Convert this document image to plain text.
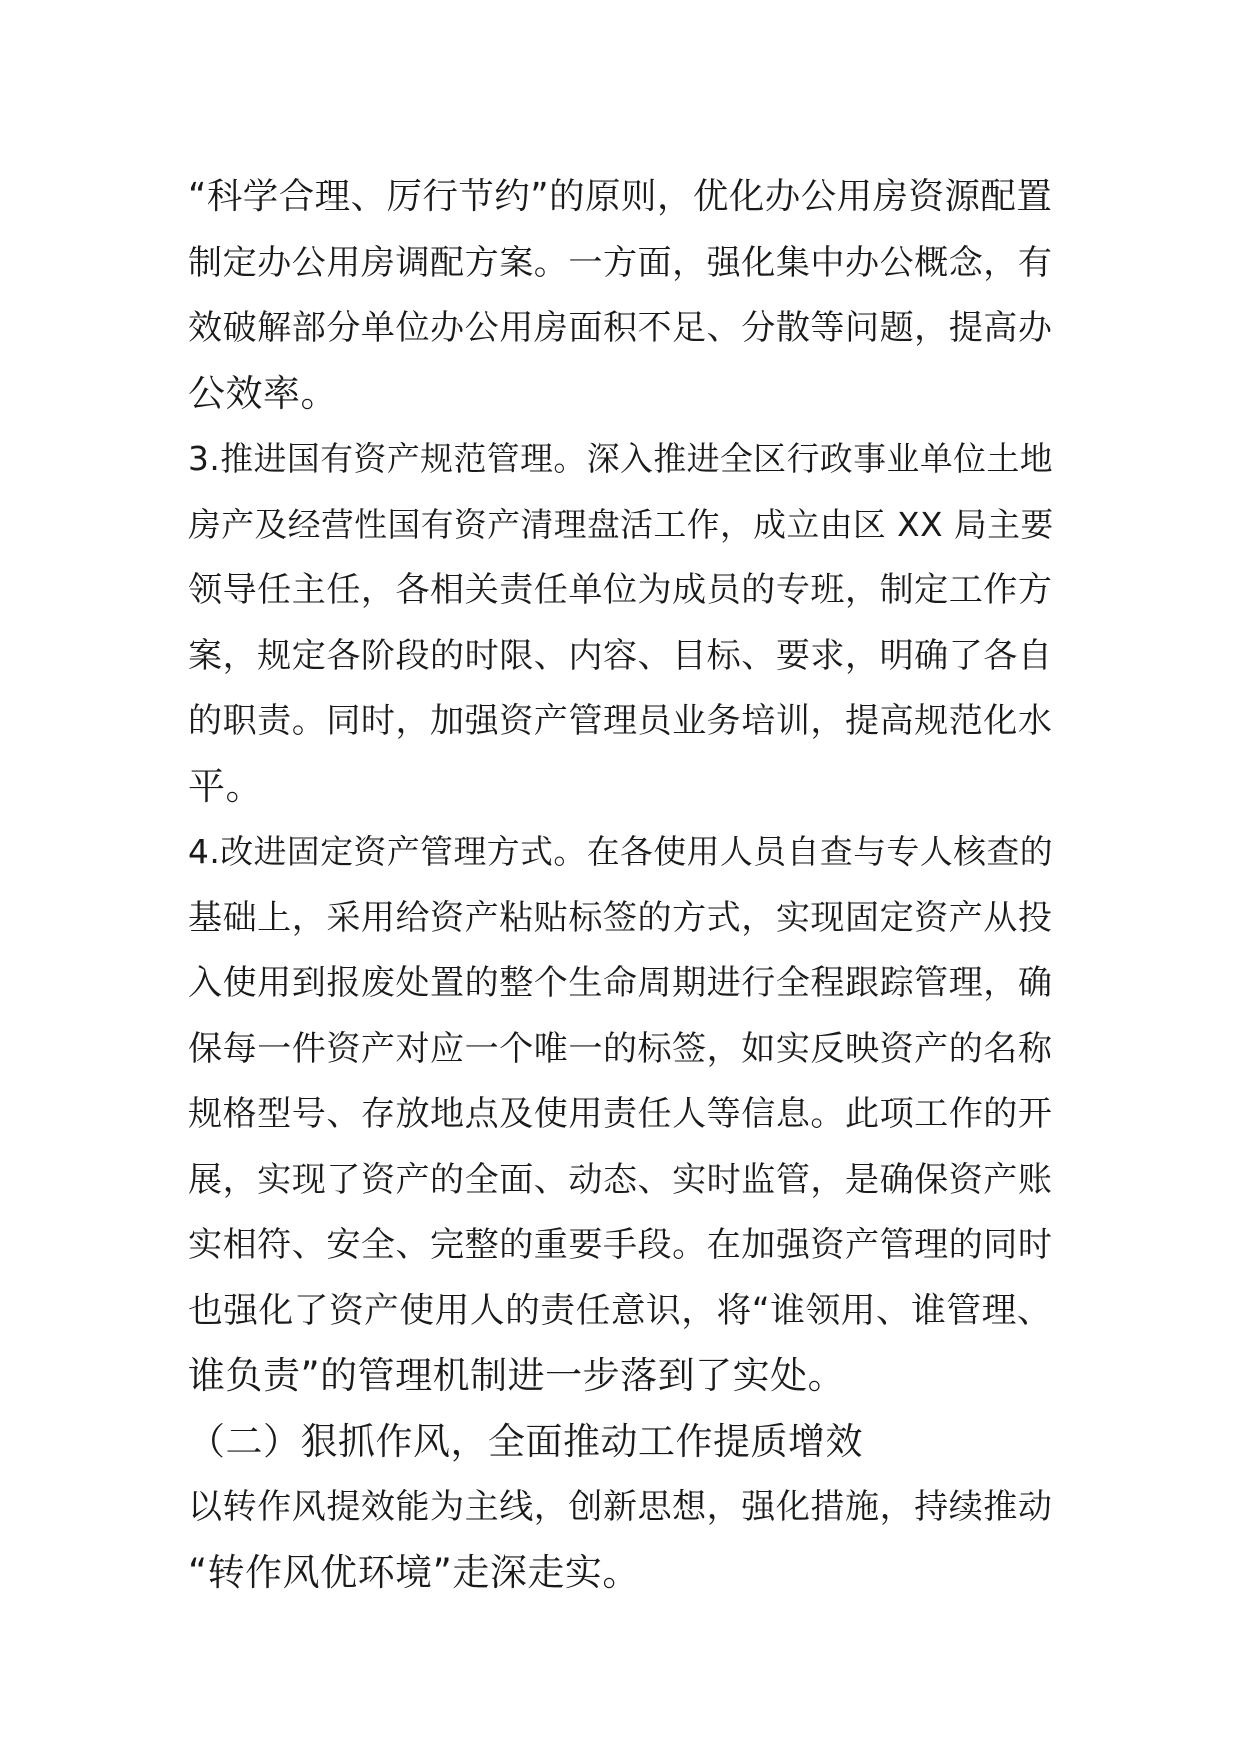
“科学合理、厉行节约”的原则，优化办公用房资源配置
制定办公用房调配方案。一方面，强化集中办公概念，有
效破解部分单位办公用房面积不足、分散等问题，提高办
公效率。
3.推进国有资产规范管理。深入推进全区行政事业单位土地
房产及经营性国有资产清理盘活工作，成立由区 XX 局主要
领导任主任，各相关责任单位为成员的专班，制定工作方
案，规定各阶段的时限、内容、目标、要求，明确了各自
的职责。同时，加强资产管理员业务培训，提高规范化水
平。
4.改进固定资产管理方式。在各使用人员自查与专人核查的
基础上，采用给资产粘贴标签的方式，实现固定资产从投
入使用到报废处置的整个生命周期进行全程跟踪管理，确
保每一件资产对应一个唯一的标签，如实反映资产的名称
规格型号、存放地点及使用责任人等信息。此项工作的开
展，实现了资产的全面、动态、实时监管，是确保资产账
实相符、安全、完整的重要手段。在加强资产管理的同时
也强化了资产使用人的责任意识，将“谁领用、谁管理、
谁负责”的管理机制进一步落到了实处。
（二）狠抓作风，全面推动工作提质增效
以转作风提效能为主线，创新思想，强化措施，持续推动
“转作风优环境”走深走实。
